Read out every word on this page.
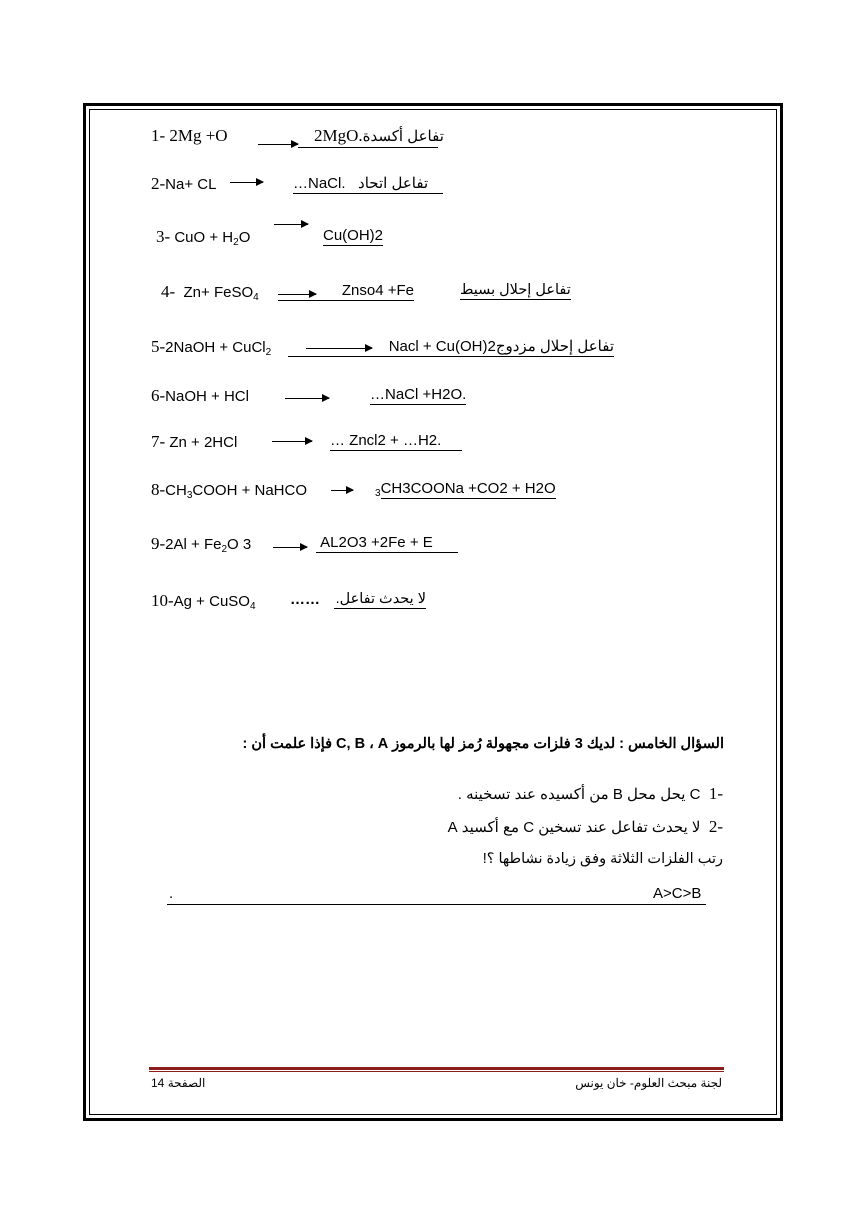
1- 2Mg +O	2MgO.تفاعل أكسدة
2-Na+ CL	…NaCl. تفاعل اتحاد
3- CuO + $H_2O$	Cu(OH)2
4- Zn+ FeSO$_4$	Znso4 +Fe	تفاعل إحلال بسيط
5-2NaOH + CuCl$_2$	Nacl + Cu(OH)2تفاعل إحلال مزدوج
6-NaOH + HCl	…NaCl +H2O.
7- Zn + 2HCl	… Zncl2 + …H2.
$8-CH_3COOH$ + NaHCO	$_3$CH3COONa +CO2 + H2O
$9-2Al + Fe_2O$ 3	AL2O3 +2Fe + E
10-Ag + CuSO$_4$ …… لا يحدث تفاعل.
السؤال الخامس : لديك 3 فلزات مجهولة رُمز لها بالرموز C, B ، A فإذا علمت أن :
-1  C يحل محل B من أكسيده عند تسخينه .
-2  لا يحدث تفاعل عند تسخين C مع أكسيد A
رتب الفلزات الثلاثة وفق زيادة نشاطها ؟!
.	A>C>B
الصفحة 14	لجنة مبحث العلوم- خان يونس
